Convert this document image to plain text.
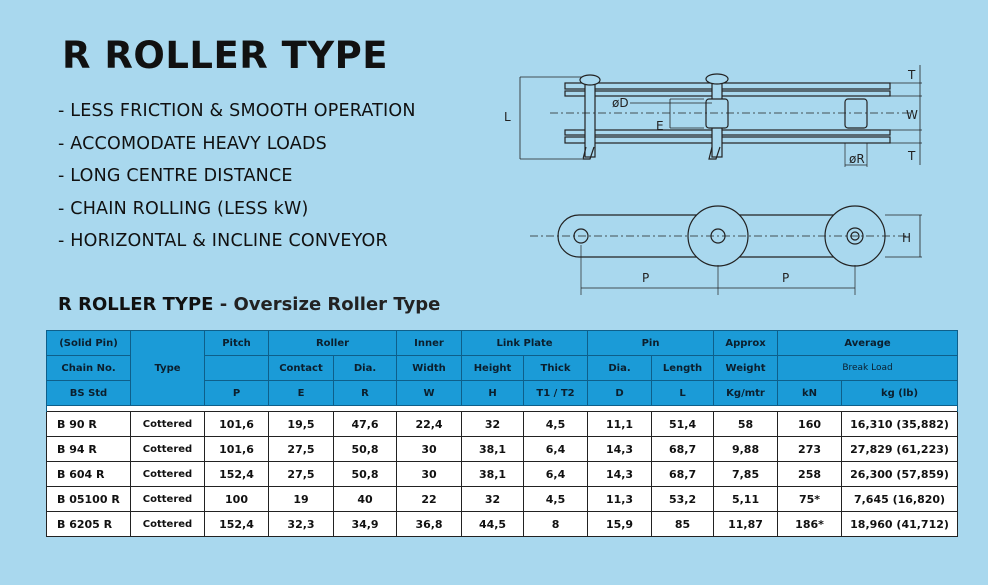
R ROLLER TYPE
- LESS FRICTION & SMOOTH OPERATION
- ACCOMODATE HEAVY LOADS
- LONG CENTRE DISTANCE
- CHAIN ROLLING (LESS kW)
- HORIZONTAL & INCLINE CONVEYOR
L
øD
E
T
W
T
øR
H
P	P
R ROLLER TYPE - Oversize Roller Type
(Solid Pin)	Type	Pitch	Roller		Inner	Link Plate		Pin		Approx	Average	
Chain No.			Contact	Dia.	Width	Height	Thick	Dia.	Length	Weight	Break Load	
BS Std		P	E	R	W	H	T1 / T2	D	L	Kg/mtr	kN	kg (lb)

B 90 R	Cottered	101,6	19,5	47,6	22,4	32	4,5	11,1	51,4	58	160	16,310 (35,882)
B 94 R	Cottered	101,6	27,5	50,8	30	38,1	6,4	14,3	68,7	9,88	273	27,829 (61,223)
B 604 R	Cottered	152,4	27,5	50,8	30	38,1	6,4	14,3	68,7	7,85	258	26,300 (57,859)
B 05100 R	Cottered	100	19	40	22	32	4,5	11,3	53,2	5,11	75*	7,645 (16,820)
B 6205 R	Cottered	152,4	32,3	34,9	36,8	44,5	8	15,9	85	11,87	186*	18,960 (41,712)
